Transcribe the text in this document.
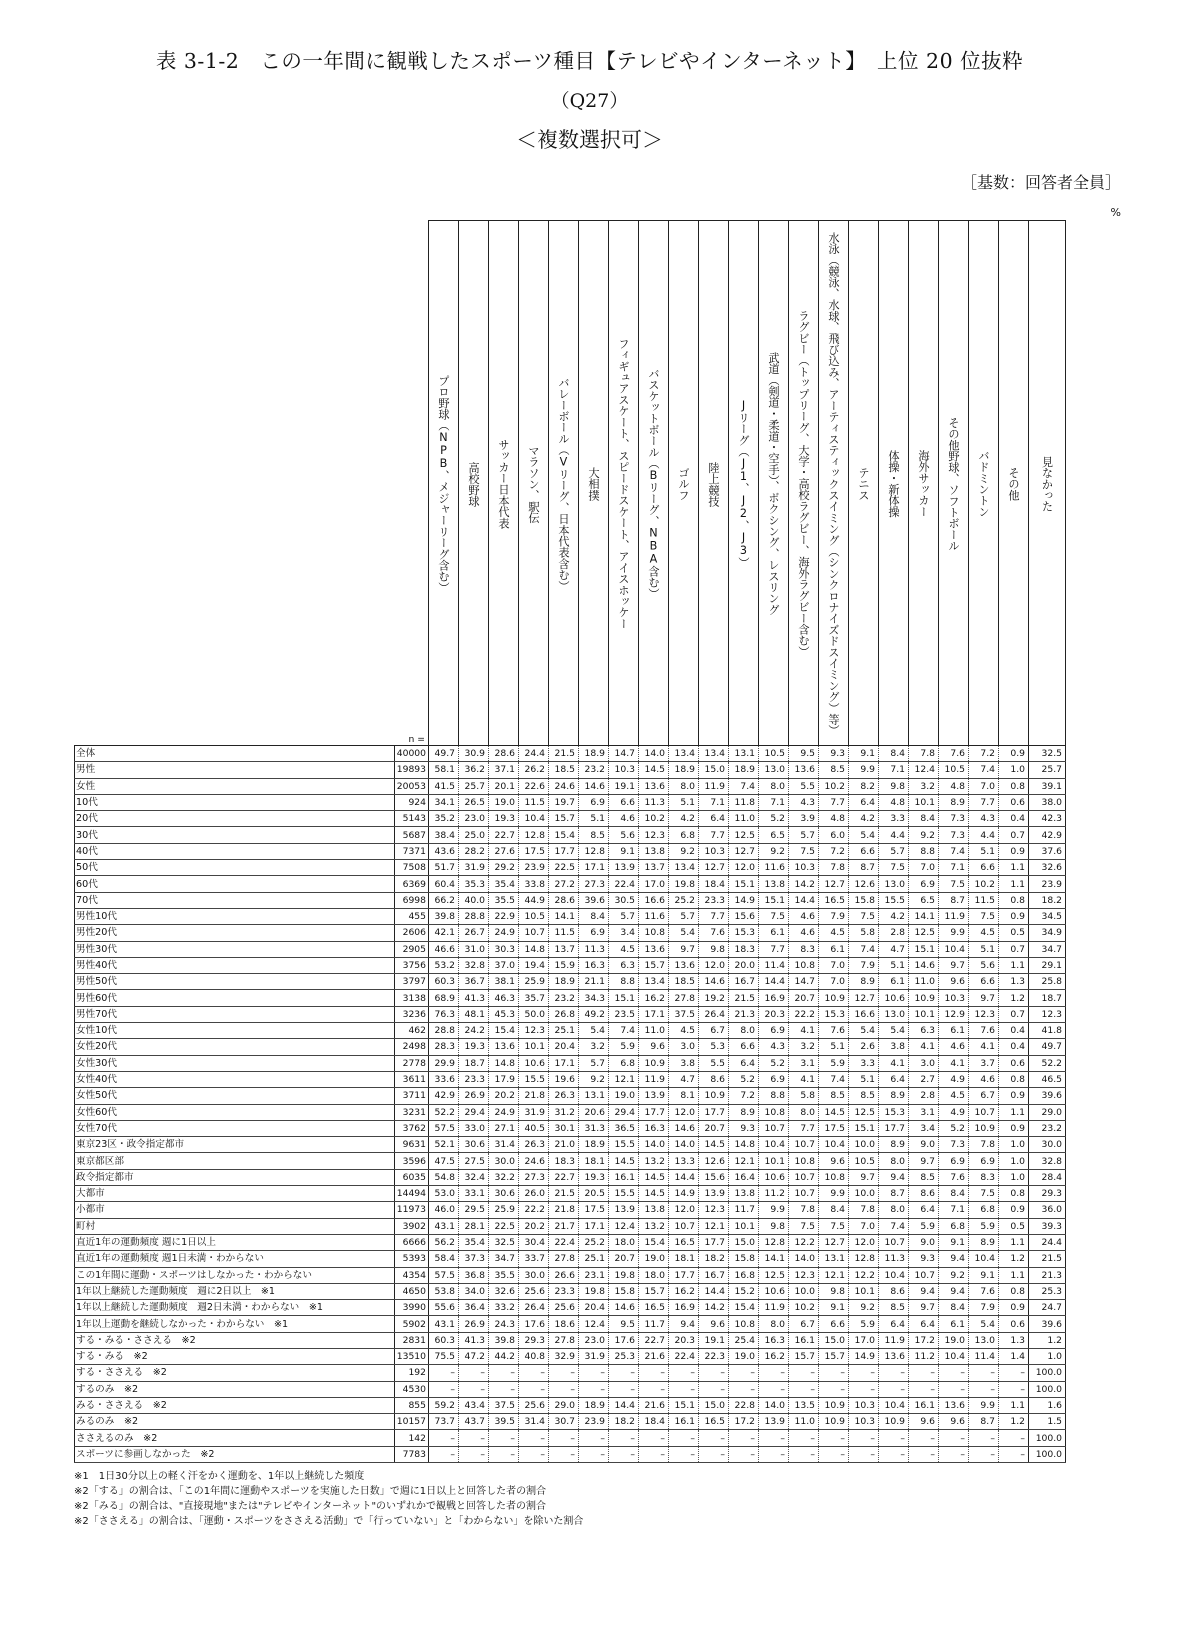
表 3-1-2　この一年間に観戦したスポーツ種目【テレビやインターネット】　上位 20 位抜粋
（Q27）
＜複数選択可＞
［基数：回答者全員］
%
	n =	プロ野球（NPB、メジャーリーグ含む）	高校野球	サッカー日本代表	マラソン、駅伝	バレーボール（Vリーグ、日本代表含む）	大相撲	フィギュアスケート、スピードスケート、アイスホッケー	バスケットボール（Bリーグ、NBA含む）	ゴルフ	陸上競技	Jリーグ（J1、J2、J3）	武道（剣道・柔道・空手）、ボクシング、レスリング	ラグビー（トップリーグ、大学・高校ラグビー、海外ラグビー含む）	水泳（競泳、水球、飛び込み、アーティスティックスイミング（シンクロナイズドスイミング）等）	テニス	体操・新体操	海外サッカー	その他野球、ソフトボール	バドミントン	その他	見なかった

全体	40000	49.7	30.9	28.6	24.4	21.5	18.9	14.7	14.0	13.4	13.4	13.1	10.5	9.5	9.3	9.1	8.4	7.8	7.6	7.2	0.9	32.5
男性	19893	58.1	36.2	37.1	26.2	18.5	23.2	10.3	14.5	18.9	15.0	18.9	13.0	13.6	8.5	9.9	7.1	12.4	10.5	7.4	1.0	25.7
女性	20053	41.5	25.7	20.1	22.6	24.6	14.6	19.1	13.6	8.0	11.9	7.4	8.0	5.5	10.2	8.2	9.8	3.2	4.8	7.0	0.8	39.1
10代	924	34.1	26.5	19.0	11.5	19.7	6.9	6.6	11.3	5.1	7.1	11.8	7.1	4.3	7.7	6.4	4.8	10.1	8.9	7.7	0.6	38.0
20代	5143	35.2	23.0	19.3	10.4	15.7	5.1	4.6	10.2	4.2	6.4	11.0	5.2	3.9	4.8	4.2	3.3	8.4	7.3	4.3	0.4	42.3
30代	5687	38.4	25.0	22.7	12.8	15.4	8.5	5.6	12.3	6.8	7.7	12.5	6.5	5.7	6.0	5.4	4.4	9.2	7.3	4.4	0.7	42.9
40代	7371	43.6	28.2	27.6	17.5	17.7	12.8	9.1	13.8	9.2	10.3	12.7	9.2	7.5	7.2	6.6	5.7	8.8	7.4	5.1	0.9	37.6
50代	7508	51.7	31.9	29.2	23.9	22.5	17.1	13.9	13.7	13.4	12.7	12.0	11.6	10.3	7.8	8.7	7.5	7.0	7.1	6.6	1.1	32.6
60代	6369	60.4	35.3	35.4	33.8	27.2	27.3	22.4	17.0	19.8	18.4	15.1	13.8	14.2	12.7	12.6	13.0	6.9	7.5	10.2	1.1	23.9
70代	6998	66.2	40.0	35.5	44.9	28.6	39.6	30.5	16.6	25.2	23.3	14.9	15.1	14.4	16.5	15.8	15.5	6.5	8.7	11.5	0.8	18.2
男性10代	455	39.8	28.8	22.9	10.5	14.1	8.4	5.7	11.6	5.7	7.7	15.6	7.5	4.6	7.9	7.5	4.2	14.1	11.9	7.5	0.9	34.5
男性20代	2606	42.1	26.7	24.9	10.7	11.5	6.9	3.4	10.8	5.4	7.6	15.3	6.1	4.6	4.5	5.8	2.8	12.5	9.9	4.5	0.5	34.9
男性30代	2905	46.6	31.0	30.3	14.8	13.7	11.3	4.5	13.6	9.7	9.8	18.3	7.7	8.3	6.1	7.4	4.7	15.1	10.4	5.1	0.7	34.7
男性40代	3756	53.2	32.8	37.0	19.4	15.9	16.3	6.3	15.7	13.6	12.0	20.0	11.4	10.8	7.0	7.9	5.1	14.6	9.7	5.6	1.1	29.1
男性50代	3797	60.3	36.7	38.1	25.9	18.9	21.1	8.8	13.4	18.5	14.6	16.7	14.4	14.7	7.0	8.9	6.1	11.0	9.6	6.6	1.3	25.8
男性60代	3138	68.9	41.3	46.3	35.7	23.2	34.3	15.1	16.2	27.8	19.2	21.5	16.9	20.7	10.9	12.7	10.6	10.9	10.3	9.7	1.2	18.7
男性70代	3236	76.3	48.1	45.3	50.0	26.8	49.2	23.5	17.1	37.5	26.4	21.3	20.3	22.2	15.3	16.6	13.0	10.1	12.9	12.3	0.7	12.3
女性10代	462	28.8	24.2	15.4	12.3	25.1	5.4	7.4	11.0	4.5	6.7	8.0	6.9	4.1	7.6	5.4	5.4	6.3	6.1	7.6	0.4	41.8
女性20代	2498	28.3	19.3	13.6	10.1	20.4	3.2	5.9	9.6	3.0	5.3	6.6	4.3	3.2	5.1	2.6	3.8	4.1	4.6	4.1	0.4	49.7
女性30代	2778	29.9	18.7	14.8	10.6	17.1	5.7	6.8	10.9	3.8	5.5	6.4	5.2	3.1	5.9	3.3	4.1	3.0	4.1	3.7	0.6	52.2
女性40代	3611	33.6	23.3	17.9	15.5	19.6	9.2	12.1	11.9	4.7	8.6	5.2	6.9	4.1	7.4	5.1	6.4	2.7	4.9	4.6	0.8	46.5
女性50代	3711	42.9	26.9	20.2	21.8	26.3	13.1	19.0	13.9	8.1	10.9	7.2	8.8	5.8	8.5	8.5	8.9	2.8	4.5	6.7	0.9	39.6
女性60代	3231	52.2	29.4	24.9	31.9	31.2	20.6	29.4	17.7	12.0	17.7	8.9	10.8	8.0	14.5	12.5	15.3	3.1	4.9	10.7	1.1	29.0
女性70代	3762	57.5	33.0	27.1	40.5	30.1	31.3	36.5	16.3	14.6	20.7	9.3	10.7	7.7	17.5	15.1	17.7	3.4	5.2	10.9	0.9	23.2
東京23区・政令指定都市	9631	52.1	30.6	31.4	26.3	21.0	18.9	15.5	14.0	14.0	14.5	14.8	10.4	10.7	10.4	10.0	8.9	9.0	7.3	7.8	1.0	30.0
東京都区部	3596	47.5	27.5	30.0	24.6	18.3	18.1	14.5	13.2	13.3	12.6	12.1	10.1	10.8	9.6	10.5	8.0	9.7	6.9	6.9	1.0	32.8
政令指定都市	6035	54.8	32.4	32.2	27.3	22.7	19.3	16.1	14.5	14.4	15.6	16.4	10.6	10.7	10.8	9.7	9.4	8.5	7.6	8.3	1.0	28.4
大都市	14494	53.0	33.1	30.6	26.0	21.5	20.5	15.5	14.5	14.9	13.9	13.8	11.2	10.7	9.9	10.0	8.7	8.6	8.4	7.5	0.8	29.3
小都市	11973	46.0	29.5	25.9	22.2	21.8	17.5	13.9	13.8	12.0	12.3	11.7	9.9	7.8	8.4	7.8	8.0	6.4	7.1	6.8	0.9	36.0
町村	3902	43.1	28.1	22.5	20.2	21.7	17.1	12.4	13.2	10.7	12.1	10.1	9.8	7.5	7.5	7.0	7.4	5.9	6.8	5.9	0.5	39.3
直近1年の運動頻度 週に1日以上	6666	56.2	35.4	32.5	30.4	22.4	25.2	18.0	15.4	16.5	17.7	15.0	12.8	12.2	12.7	12.0	10.7	9.0	9.1	8.9	1.1	24.4
直近1年の運動頻度 週1日未満・わからない	5393	58.4	37.3	34.7	33.7	27.8	25.1	20.7	19.0	18.1	18.2	15.8	14.1	14.0	13.1	12.8	11.3	9.3	9.4	10.4	1.2	21.5
この1年間に運動・スポーツはしなかった・わからない	4354	57.5	36.8	35.5	30.0	26.6	23.1	19.8	18.0	17.7	16.7	16.8	12.5	12.3	12.1	12.2	10.4	10.7	9.2	9.1	1.1	21.3
1年以上継続した運動頻度　週に2日以上　※1	4650	53.8	34.0	32.6	25.6	23.3	19.8	15.8	15.7	16.2	14.4	15.2	10.6	10.0	9.8	10.1	8.6	9.4	9.4	7.6	0.8	25.3
1年以上継続した運動頻度　週2日未満・わからない　※1	3990	55.6	36.4	33.2	26.4	25.6	20.4	14.6	16.5	16.9	14.2	15.4	11.9	10.2	9.1	9.2	8.5	9.7	8.4	7.9	0.9	24.7
1年以上運動を継続しなかった・わからない　※1	5902	43.1	26.9	24.3	17.6	18.6	12.4	9.5	11.7	9.4	9.6	10.8	8.0	6.7	6.6	5.9	6.4	6.4	6.1	5.4	0.6	39.6
する・みる・ささえる　※2	2831	60.3	41.3	39.8	29.3	27.8	23.0	17.6	22.7	20.3	19.1	25.4	16.3	16.1	15.0	17.0	11.9	17.2	19.0	13.0	1.3	1.2
する・みる　※2	13510	75.5	47.2	44.2	40.8	32.9	31.9	25.3	21.6	22.4	22.3	19.0	16.2	15.7	15.7	14.9	13.6	11.2	10.4	11.4	1.4	1.0
する・ささえる　※2	192	–	–	–	–	–	–	–	–	–	–	–	–	–	–	–	–	–	–	–	–	100.0
するのみ　※2	4530	–	–	–	–	–	–	–	–	–	–	–	–	–	–	–	–	–	–	–	–	100.0
みる・ささえる　※2	855	59.2	43.4	37.5	25.6	29.0	18.9	14.4	21.6	15.1	15.0	22.8	14.0	13.5	10.9	10.3	10.4	16.1	13.6	9.9	1.1	1.6
みるのみ　※2	10157	73.7	43.7	39.5	31.4	30.7	23.9	18.2	18.4	16.1	16.5	17.2	13.9	11.0	10.9	10.3	10.9	9.6	9.6	8.7	1.2	1.5
ささえるのみ　※2	142	–	–	–	–	–	–	–	–	–	–	–	–	–	–	–	–	–	–	–	–	100.0
スポーツに参画しなかった　※2	7783	–	–	–	–	–	–	–	–	–	–	–	–	–	–	–	–	–	–	–	–	100.0
※1　1日30分以上の軽く汗をかく運動を、1年以上継続した頻度
※2「する」の割合は、「この1年間に運動やスポーツを実施した日数」で週に1日以上と回答した者の割合
※2「みる」の割合は、"直接現地"または"テレビやインターネット"のいずれかで観戦と回答した者の割合
※2「ささえる」の割合は、「運動・スポーツをささえる活動」で「行っていない」と「わからない」を除いた割合
